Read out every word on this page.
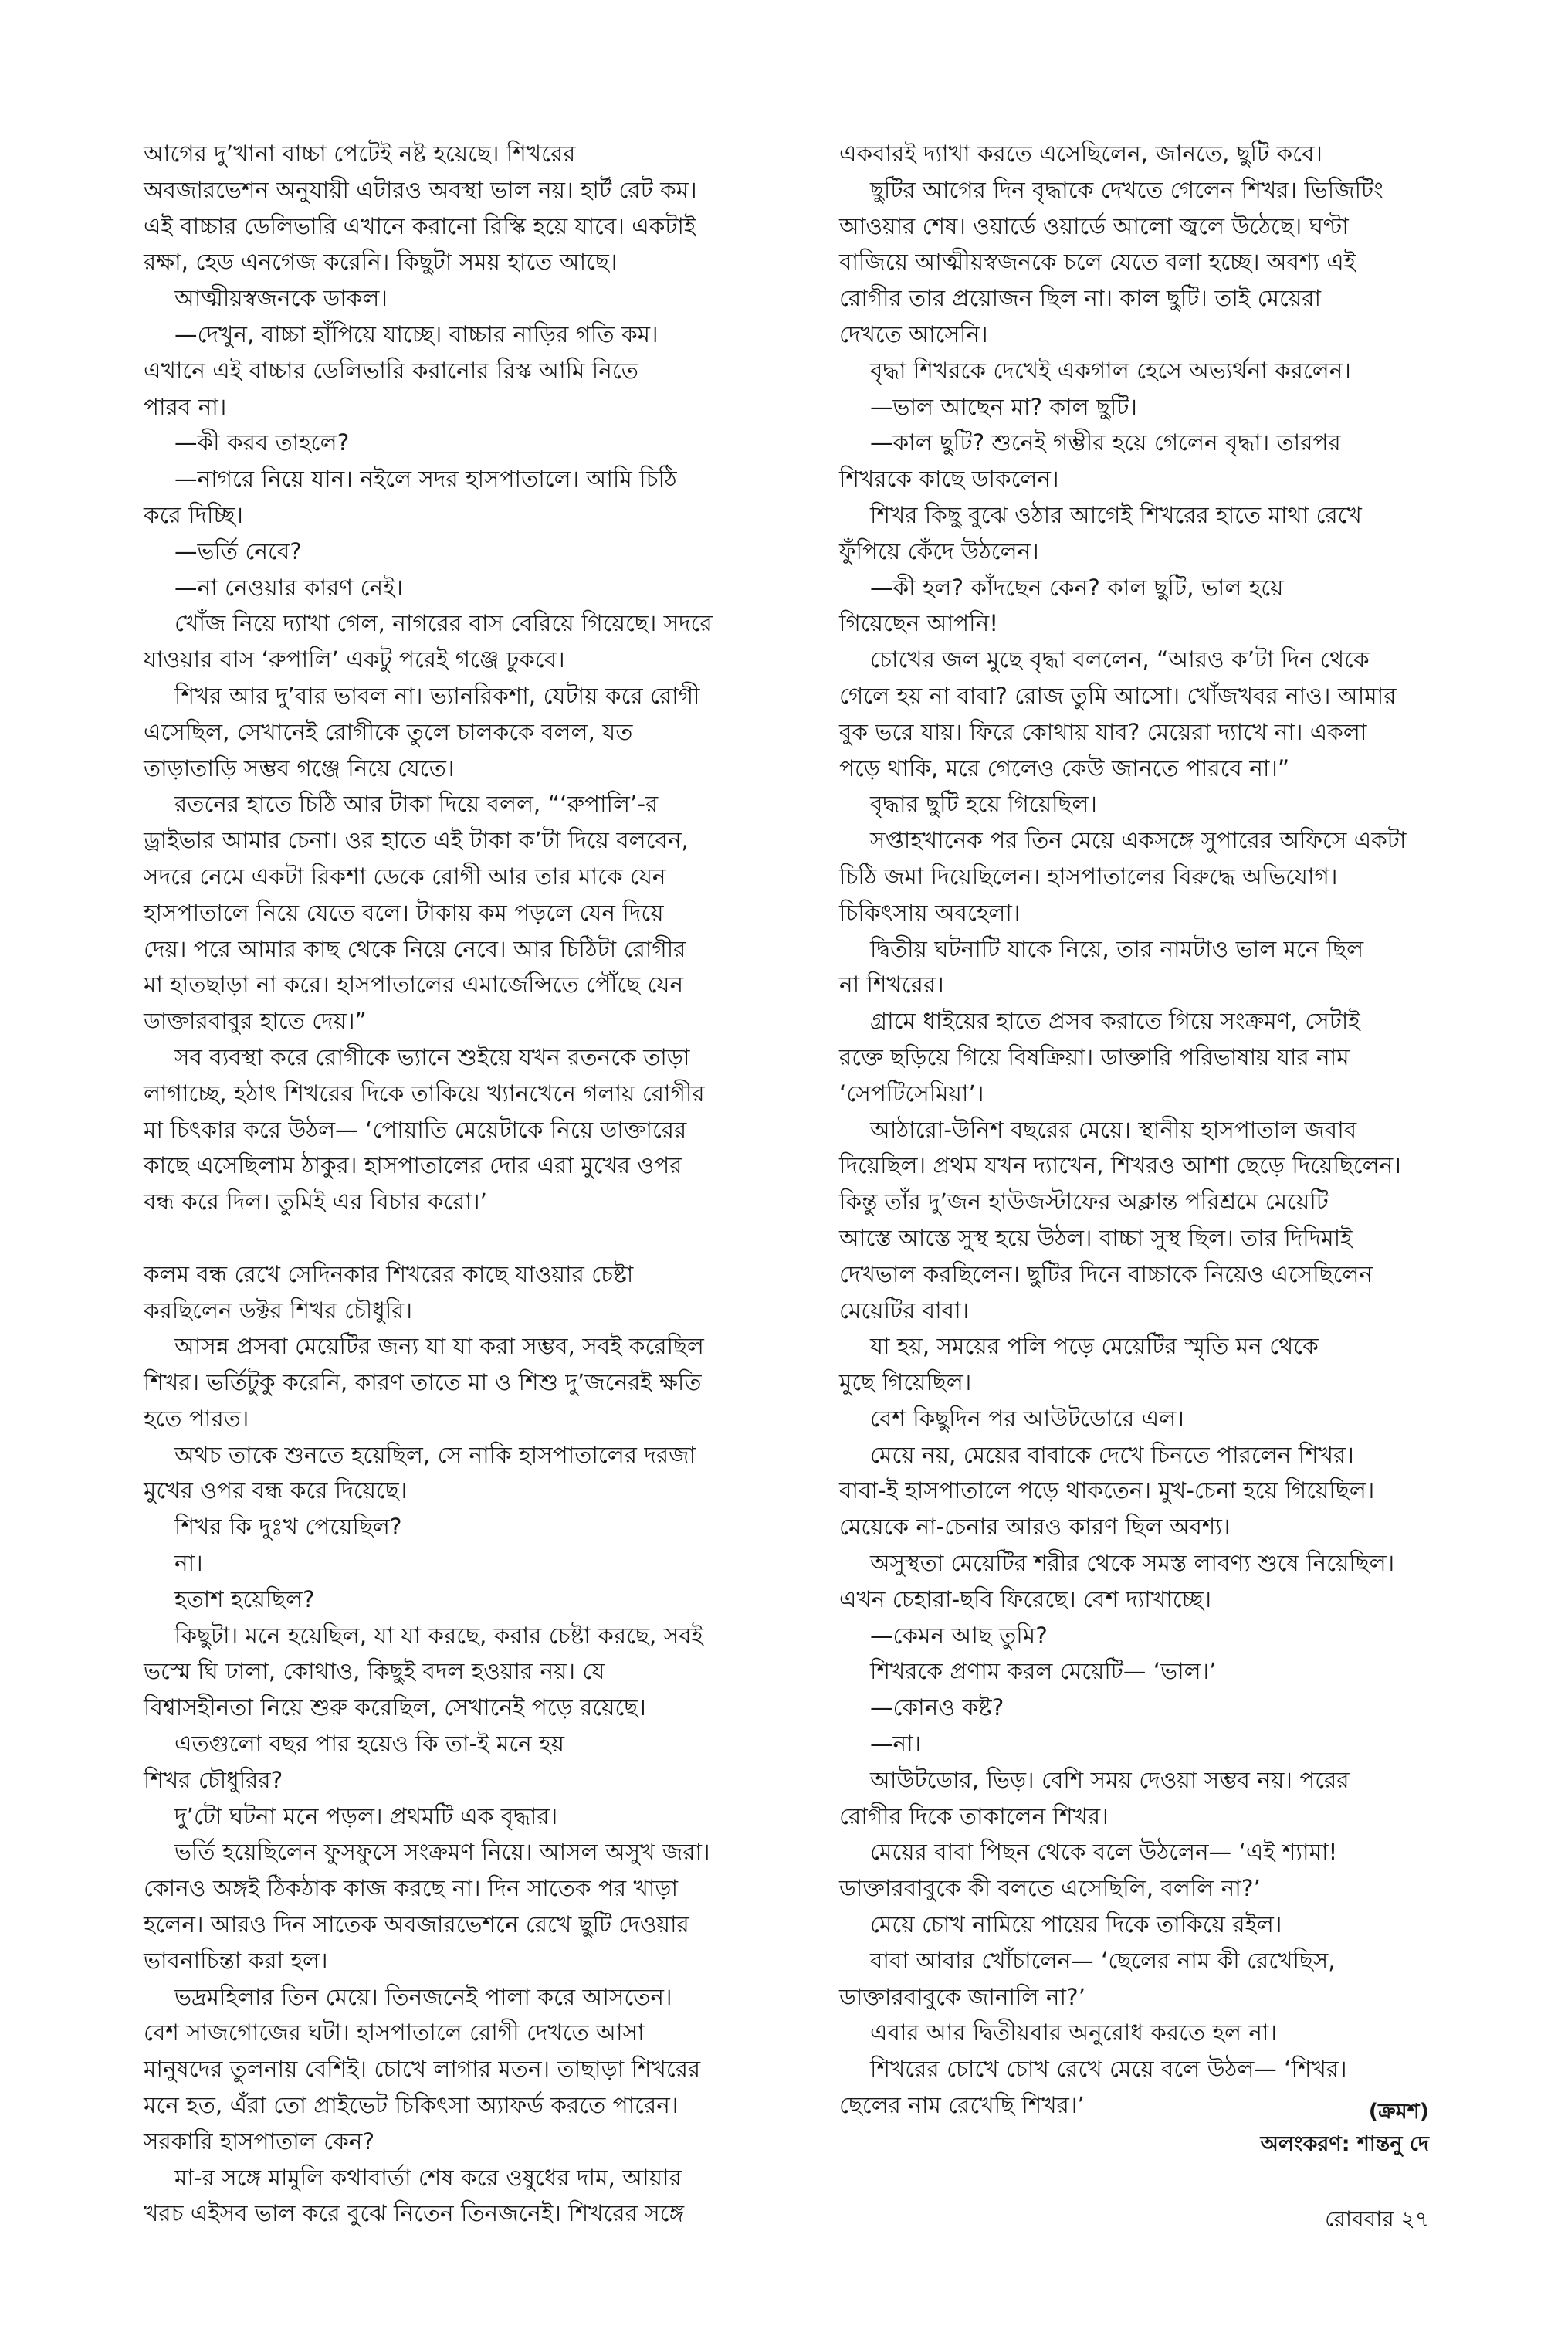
আগের দু’খানা বাচ্চা পেটেই নষ্ট হয়েছে। শিখরের
অবজারভেশন অনুযায়ী এটারও অবস্থা ভাল নয়। হার্ট রেট কম।
এই বাচ্চার ডেলিভারি এখানে করানো রিস্কি হয়ে যাবে। একটাই
রক্ষা, হেড এনগেজ করেনি। কিছুটা সময় হাতে আছে।
আত্মীয়স্বজনকে ডাকল।
—দেখুন, বাচ্চা হাঁপিয়ে যাচ্ছে। বাচ্চার নাড়ির গতি কম।
এখানে এই বাচ্চার ডেলিভারি করানোর রিস্ক আমি নিতে
পারব না।
—কী করব তাহলে?
—নাগরে নিয়ে যান। নইলে সদর হাসপাতালে। আমি চিঠি
করে দিচ্ছি।
—ভর্তি নেবে?
—না নেওয়ার কারণ নেই।
খোঁজ নিয়ে দ্যাখা গেল, নাগরের বাস বেরিয়ে গিয়েছে। সদরে
যাওয়ার বাস ‘রুপালি’ একটু পরেই গঞ্জে ঢুকবে।
শিখর আর দু’বার ভাবল না। ভ্যানরিকশা, যেটায় করে রোগী
এসেছিল, সেখানেই রোগীকে তুলে চালককে বলল, যত
তাড়াতাড়ি সম্ভব গঞ্জে নিয়ে যেতে।
রতনের হাতে চিঠি আর টাকা দিয়ে বলল, “‘রুপালি’-র
ড্রাইভার আমার চেনা। ওর হাতে এই টাকা ক’টা দিয়ে বলবেন,
সদরে নেমে একটা রিকশা ডেকে রোগী আর তার মাকে যেন
হাসপাতালে নিয়ে যেতে বলে। টাকায় কম পড়লে যেন দিয়ে
দেয়। পরে আমার কাছ থেকে নিয়ে নেবে। আর চিঠিটা রোগীর
মা হাতছাড়া না করে। হাসপাতালের এমার্জেন্সিতে পৌঁছে যেন
ডাক্তারবাবুর হাতে দেয়।”
সব ব্যবস্থা করে রোগীকে ভ্যানে শুইয়ে যখন রতনকে তাড়া
লাগাচ্ছে, হঠাৎ শিখরের দিকে তাকিয়ে খ্যানখেনে গলায় রোগীর
মা চিৎকার করে উঠল— ‘পোয়াতি মেয়েটাকে নিয়ে ডাক্তারের
কাছে এসেছিলাম ঠাকুর। হাসপাতালের দোর এরা মুখের ওপর
বন্ধ করে দিল। তুমিই এর বিচার করো।’
কলম বন্ধ রেখে সেদিনকার শিখরের কাছে যাওয়ার চেষ্টা
করছিলেন ডক্টর শিখর চৌধুরি।
আসন্ন প্রসবা মেয়েটির জন্য যা যা করা সম্ভব, সবই করেছিল
শিখর। ভর্তিটুকু করেনি, কারণ তাতে মা ও শিশু দু’জনেরই ক্ষতি
হতে পারত।
অথচ তাকে শুনতে হয়েছিল, সে নাকি হাসপাতালের দরজা
মুখের ওপর বন্ধ করে দিয়েছে।
শিখর কি দুঃখ পেয়েছিল?
না।
হতাশ হয়েছিল?
কিছুটা। মনে হয়েছিল, যা যা করছে, করার চেষ্টা করছে, সবই
ভস্মে ঘি ঢালা, কোথাও, কিছুই বদল হওয়ার নয়। যে
বিশ্বাসহীনতা নিয়ে শুরু করেছিল, সেখানেই পড়ে রয়েছে।
এতগুলো বছর পার হয়েও কি তা-ই মনে হয়
শিখর চৌধুরির?
দু’টো ঘটনা মনে পড়ল। প্রথমটি এক বৃদ্ধার।
ভর্তি হয়েছিলেন ফুসফুসে সংক্রমণ নিয়ে। আসল অসুখ জরা।
কোনও অঙ্গই ঠিকঠাক কাজ করছে না। দিন সাতেক পর খাড়া
হলেন। আরও দিন সাতেক অবজারভেশনে রেখে ছুটি দেওয়ার
ভাবনাচিন্তা করা হল।
ভদ্রমহিলার তিন মেয়ে। তিনজনেই পালা করে আসতেন।
বেশ সাজগোজের ঘটা। হাসপাতালে রোগী দেখতে আসা
মানুষদের তুলনায় বেশিই। চোখে লাগার মতন। তাছাড়া শিখরের
মনে হত, এঁরা তো প্রাইভেট চিকিৎসা অ্যাফর্ড করতে পারেন।
সরকারি হাসপাতাল কেন?
মা-র সঙ্গে মামুলি কথাবার্তা শেষ করে ওষুধের দাম, আয়ার
খরচ এইসব ভাল করে বুঝে নিতেন তিনজনেই। শিখরের সঙ্গে
একবারই দ্যাখা করতে এসেছিলেন, জানতে, ছুটি কবে।
ছুটির আগের দিন বৃদ্ধাকে দেখতে গেলেন শিখর। ভিজিটিং
আওয়ার শেষ। ওয়ার্ডে ওয়ার্ডে আলো জ্বলে উঠেছে। ঘণ্টা
বাজিয়ে আত্মীয়স্বজনকে চলে যেতে বলা হচ্ছে। অবশ্য এই
রোগীর তার প্রয়োজন ছিল না। কাল ছুটি। তাই মেয়েরা
দেখতে আসেনি।
বৃদ্ধা শিখরকে দেখেই একগাল হেসে অভ্যর্থনা করলেন।
—ভাল আছেন মা? কাল ছুটি।
—কাল ছুটি? শুনেই গম্ভীর হয়ে গেলেন বৃদ্ধা। তারপর
শিখরকে কাছে ডাকলেন।
শিখর কিছু বুঝে ওঠার আগেই শিখরের হাতে মাথা রেখে
ফুঁপিয়ে কেঁদে উঠলেন।
—কী হল? কাঁদছেন কেন? কাল ছুটি, ভাল হয়ে
গিয়েছেন আপনি!
চোখের জল মুছে বৃদ্ধা বললেন, “আরও ক’টা দিন থেকে
গেলে হয় না বাবা? রোজ তুমি আসো। খোঁজখবর নাও। আমার
বুক ভরে যায়। ফিরে কোথায় যাব? মেয়েরা দ্যাখে না। একলা
পড়ে থাকি, মরে গেলেও কেউ জানতে পারবে না।”
বৃদ্ধার ছুটি হয়ে গিয়েছিল।
সপ্তাহখানেক পর তিন মেয়ে একসঙ্গে সুপারের অফিসে একটা
চিঠি জমা দিয়েছিলেন। হাসপাতালের বিরুদ্ধে অভিযোগ।
চিকিৎসায় অবহেলা।
দ্বিতীয় ঘটনাটি যাকে নিয়ে, তার নামটাও ভাল মনে ছিল
না শিখরের।
গ্রামে ধাইয়ের হাতে প্রসব করাতে গিয়ে সংক্রমণ, সেটাই
রক্তে ছড়িয়ে গিয়ে বিষক্রিয়া। ডাক্তারি পরিভাষায় যার নাম
‘সেপটিসেমিয়া’।
আঠারো-উনিশ বছরের মেয়ে। স্থানীয় হাসপাতাল জবাব
দিয়েছিল। প্রথম যখন দ্যাখেন, শিখরও আশা ছেড়ে দিয়েছিলেন।
কিন্তু তাঁর দু’জন হাউজস্টাফের অক্লান্ত পরিশ্রমে মেয়েটি
আস্তে আস্তে সুস্থ হয়ে উঠল। বাচ্চা সুস্থ ছিল। তার দিদিমাই
দেখভাল করছিলেন। ছুটির দিনে বাচ্চাকে নিয়েও এসেছিলেন
মেয়েটির বাবা।
যা হয়, সময়ের পলি পড়ে মেয়েটির স্মৃতি মন থেকে
মুছে গিয়েছিল।
বেশ কিছুদিন পর আউটডোরে এল।
মেয়ে নয়, মেয়ের বাবাকে দেখে চিনতে পারলেন শিখর।
বাবা-ই হাসপাতালে পড়ে থাকতেন। মুখ-চেনা হয়ে গিয়েছিল।
মেয়েকে না-চেনার আরও কারণ ছিল অবশ্য।
অসুস্থতা মেয়েটির শরীর থেকে সমস্ত লাবণ্য শুষে নিয়েছিল।
এখন চেহারা-ছবি ফিরেছে। বেশ দ্যাখাচ্ছে।
—কেমন আছ তুমি?
শিখরকে প্রণাম করল মেয়েটি— ‘ভাল।’
—কোনও কষ্ট?
—না।
আউটডোর, ভিড়। বেশি সময় দেওয়া সম্ভব নয়। পরের
রোগীর দিকে তাকালেন শিখর।
মেয়ের বাবা পিছন থেকে বলে উঠলেন— ‘এই শ্যামা!
ডাক্তারবাবুকে কী বলতে এসেছিলি, বললি না?’
মেয়ে চোখ নামিয়ে পায়ের দিকে তাকিয়ে রইল।
বাবা আবার খোঁচালেন— ‘ছেলের নাম কী রেখেছিস,
ডাক্তারবাবুকে জানালি না?’
এবার আর দ্বিতীয়বার অনুরোধ করতে হল না।
শিখরের চোখে চোখ রেখে মেয়ে বলে উঠল— ‘শিখর।
ছেলের নাম রেখেছি শিখর।’	(ক্রমশ)
অলংকরণ: শান্তনু দে
রোববার ২৭
